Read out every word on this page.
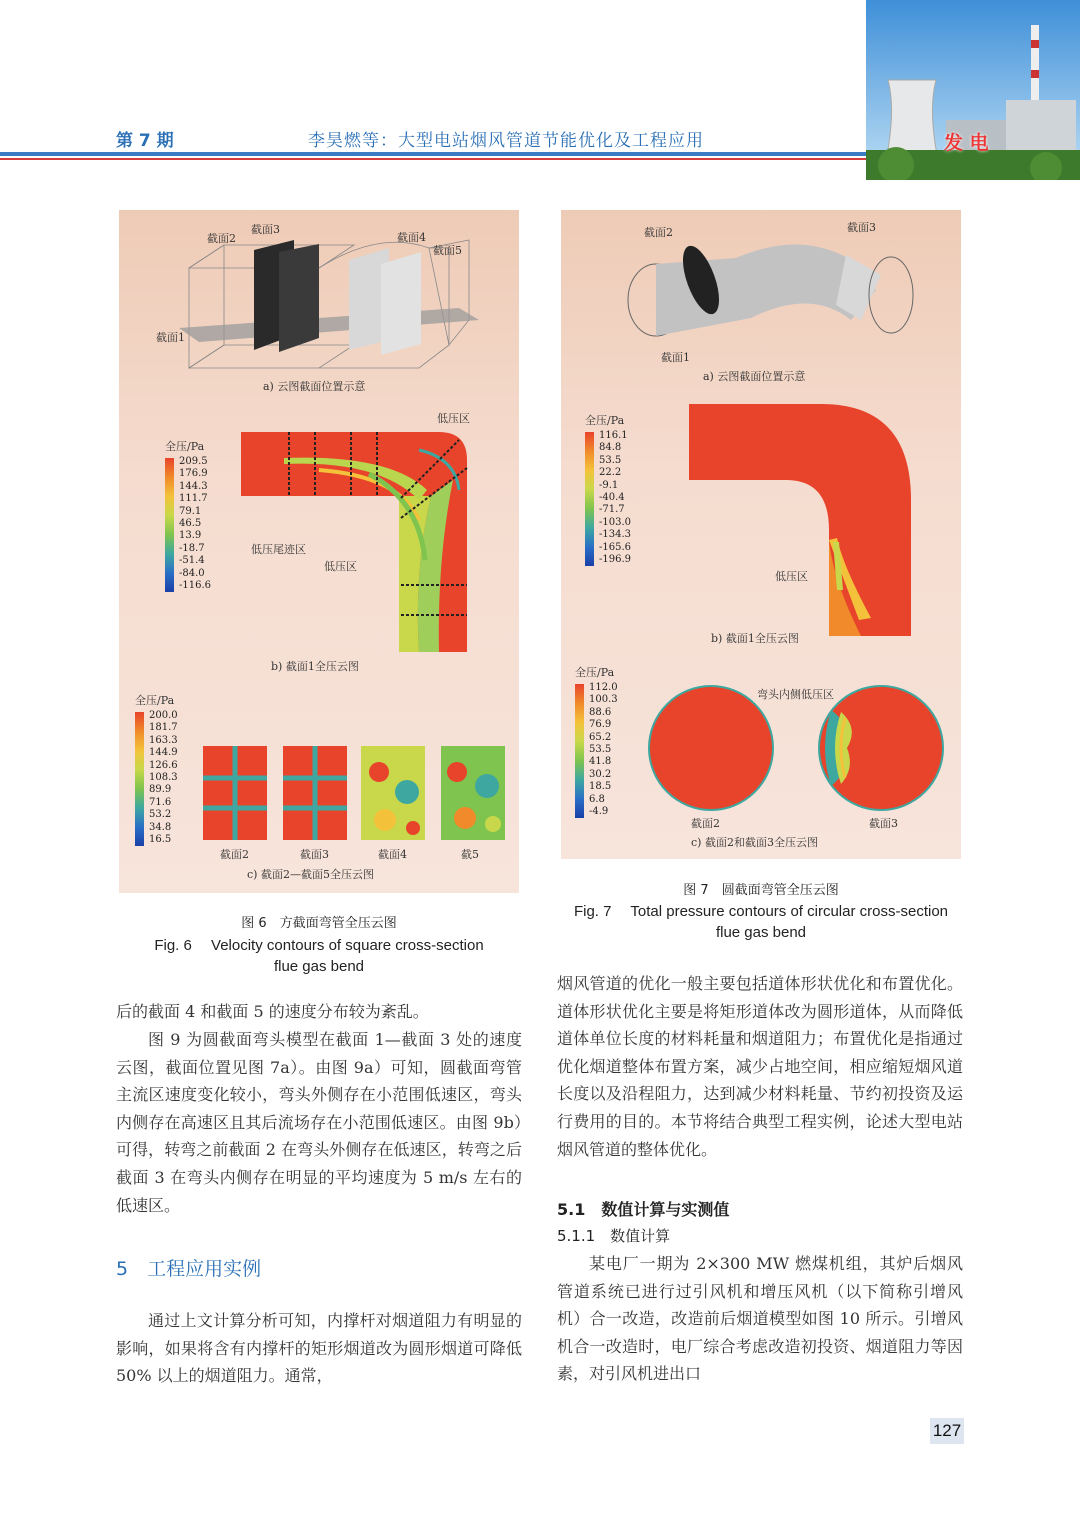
第 7 期	李昊燃等：大型电站烟风管道节能优化及工程应用	发 电
截面2
截面3
截面4
截面5
截面1
a) 云图截面位置示意
全压/Pa
209.5
176.9
144.3
111.7
79.1
46.5
13.9
-18.7
-51.4
-84.0
-116.6
低压区
低压尾迹区
低压区
b) 截面1全压云图
全压/Pa
200.0
181.7
163.3
144.9
126.6
108.3
89.9
71.6
53.2
34.8
16.5
截面2	截面3	截面4	截5
c) 截面2—截面5全压云图
图 6　方截面弯管全压云图
Fig. 6　 Velocity contours of square cross-section
flue gas bend
截面2	截面3
截面1
a) 云图截面位置示意
全压/Pa
116.1
84.8
53.5
22.2
-9.1
-40.4
-71.7
-103.0
-134.3
-165.6
-196.9
低压区
b) 截面1全压云图
全压/Pa
112.0
100.3
88.6
76.9
65.2
53.5
41.8
30.2
18.5
6.8
-4.9
弯头内侧低压区
截面2	截面3
c) 截面2和截面3全压云图
图 7　圆截面弯管全压云图
Fig. 7　 Total pressure contours of circular cross-section
flue gas bend
后的截面 4 和截面 5 的速度分布较为紊乱。
图 9 为圆截面弯头模型在截面 1—截面 3 处的速度云图，截面位置见图 7a）。由图 9a）可知，圆截面弯管主流区速度变化较小，弯头外侧存在小范围低速区，弯头内侧存在高速区且其后流场存在小范围低速区。由图 9b）可得，转弯之前截面 2 在弯头外侧存在低速区，转弯之后截面 3 在弯头内侧存在明显的平均速度为 5 m/s 左右的低速区。
5　工程应用实例
通过上文计算分析可知，内撑杆对烟道阻力有明显的影响，如果将含有内撑杆的矩形烟道改为圆形烟道可降低 50% 以上的烟道阻力。通常，
烟风管道的优化一般主要包括道体形状优化和布置优化。道体形状优化主要是将矩形道体改为圆形道体，从而降低道体单位长度的材料耗量和烟道阻力；布置优化是指通过优化烟道整体布置方案，减少占地空间，相应缩短烟风道长度以及沿程阻力，达到减少材料耗量、节约初投资及运行费用的目的。本节将结合典型工程实例，论述大型电站烟风管道的整体优化。
5.1　数值计算与实测值
5.1.1　数值计算
某电厂一期为 2×300 MW 燃煤机组，其炉后烟风管道系统已进行过引风机和增压风机（以下简称引增风机）合一改造，改造前后烟道模型如图 10 所示。引增风机合一改造时，电厂综合考虑改造初投资、烟道阻力等因素，对引风机进出口
127
